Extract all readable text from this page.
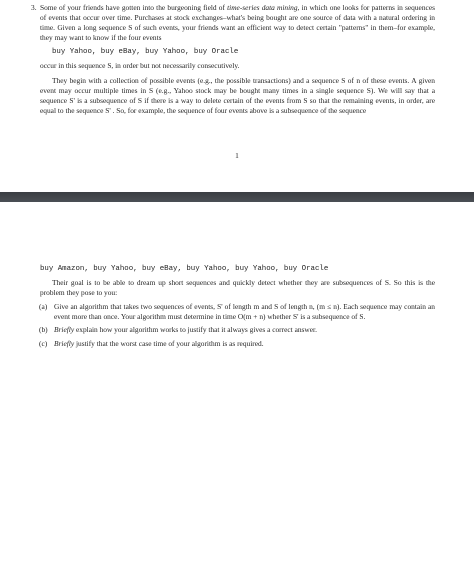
3. Some of your friends have gotten into the burgeoning field of time-series data mining, in which one looks for patterns in sequences of events that occur over time. Purchases at stock exchanges–what's being bought are one source of data with a natural ordering in time. Given a long sequence S of such events, your friends want an efficient way to detect certain "patterns" in them–for example, they may want to know if the four events

buy Yahoo, buy eBay, buy Yahoo, buy Oracle

occur in this sequence S, in order but not necessarily consecutively.

They begin with a collection of possible events (e.g., the possible transactions) and a sequence S of n of these events. A given event may occur multiple times in S (e.g., Yahoo stock may be bought many times in a single sequence S). We will say that a sequence S' is a subsequence of S if there is a way to delete certain of the events from S so that the remaining events, in order, are equal to the sequence S' . So, for example, the sequence of four events above is a subsequence of the sequence

1
buy Amazon, buy Yahoo, buy eBay, buy Yahoo, buy Yahoo, buy Oracle

Their goal is to be able to dream up short sequences and quickly detect whether they are subsequences of S. So this is the problem they pose to you:

(a) Give an algorithm that takes two sequences of events, S' of length m and S of length n, (m ≤ n). Each sequence may contain an event more than once. Your algorithm must determine in time O(m + n) whether S' is a subsequence of S.
(b) Briefly explain how your algorithm works to justify that it always gives a correct answer.
(c) Briefly justify that the worst case time of your algorithm is as required.
